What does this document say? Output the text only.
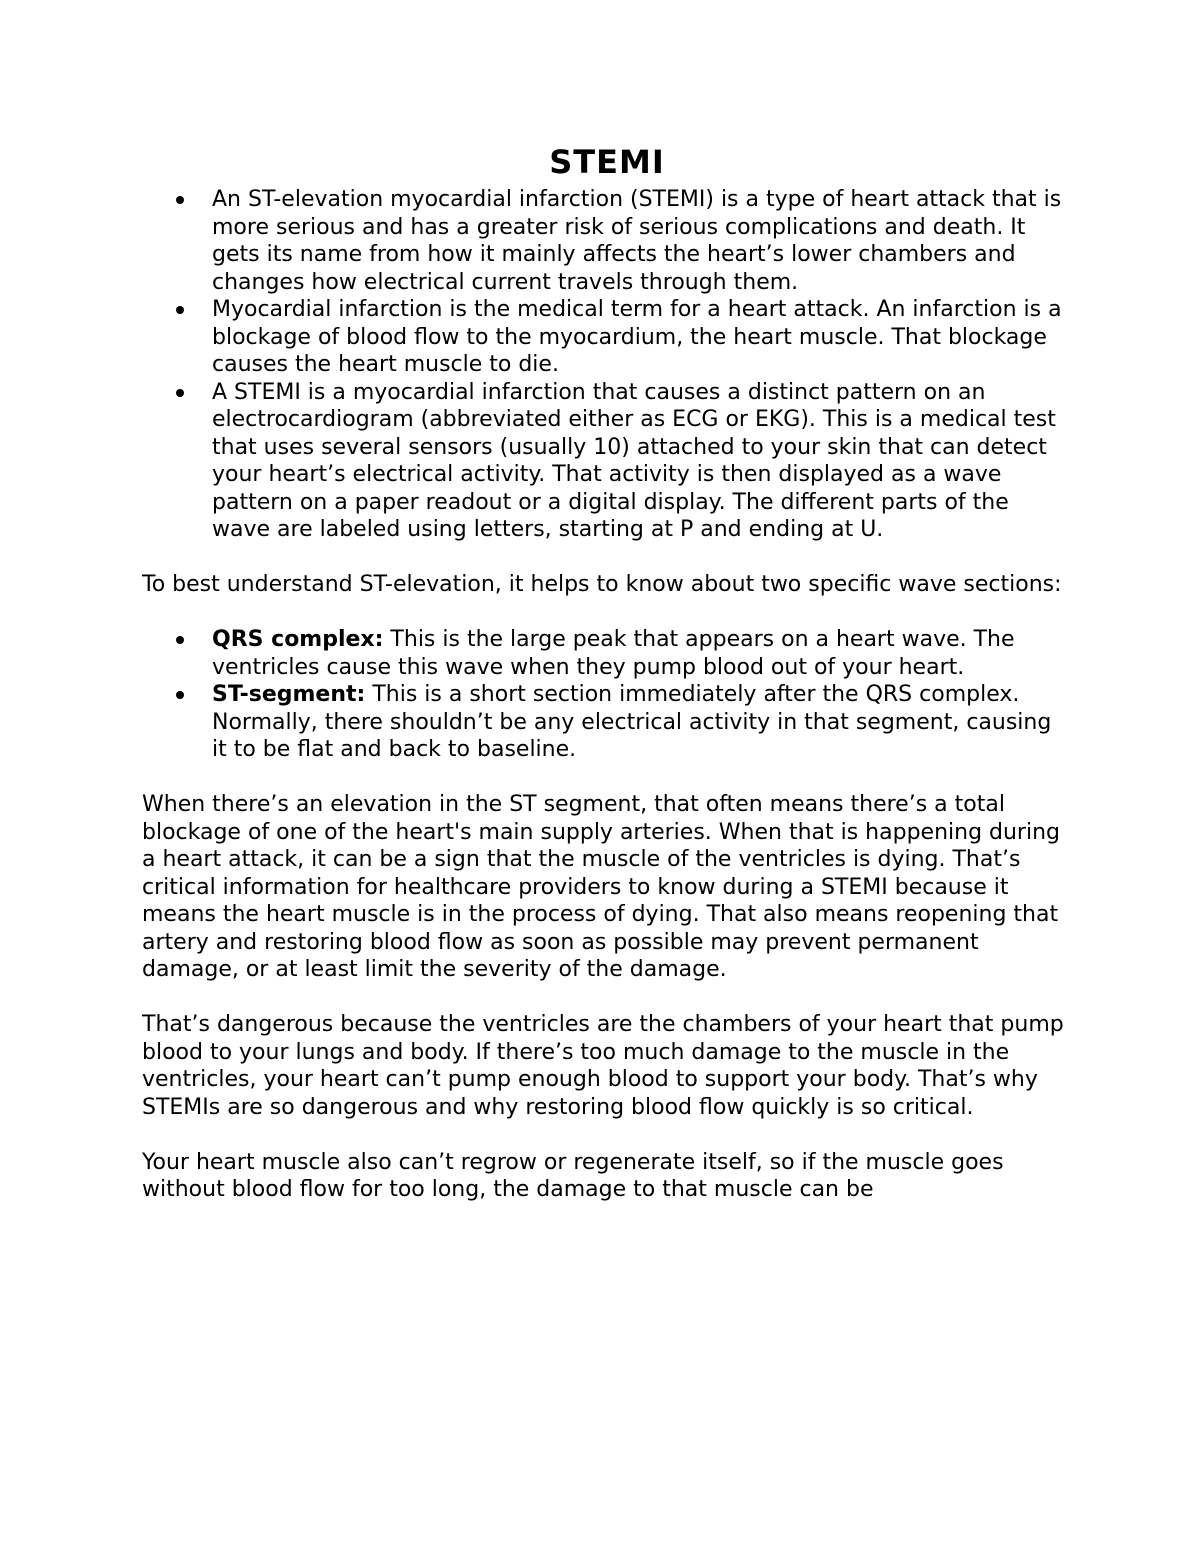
STEMI
An ST-elevation myocardial infarction (STEMI) is a type of heart attack that is more serious and has a greater risk of serious complications and death. It gets its name from how it mainly affects the heart’s lower chambers and changes how electrical current travels through them.
Myocardial infarction is the medical term for a heart attack. An infarction is a blockage of blood flow to the myocardium, the heart muscle. That blockage causes the heart muscle to die.
A STEMI is a myocardial infarction that causes a distinct pattern on an electrocardiogram (abbreviated either as ECG or EKG). This is a medical test that uses several sensors (usually 10) attached to your skin that can detect your heart’s electrical activity. That activity is then displayed as a wave pattern on a paper readout or a digital display. The different parts of the wave are labeled using letters, starting at P and ending at U.

To best understand ST-elevation, it helps to know about two specific wave sections:

QRS complex: This is the large peak that appears on a heart wave. The ventricles cause this wave when they pump blood out of your heart.
ST-segment: This is a short section immediately after the QRS complex. Normally, there shouldn’t be any electrical activity in that segment, causing it to be flat and back to baseline.

When there’s an elevation in the ST segment, that often means there’s a total blockage of one of the heart's main supply arteries. When that is happening during a heart attack, it can be a sign that the muscle of the ventricles is dying. That’s critical information for healthcare providers to know during a STEMI because it means the heart muscle is in the process of dying. That also means reopening that artery and restoring blood flow as soon as possible may prevent permanent damage, or at least limit the severity of the damage.

That’s dangerous because the ventricles are the chambers of your heart that pump blood to your lungs and body. If there’s too much damage to the muscle in the ventricles, your heart can’t pump enough blood to support your body. That’s why STEMIs are so dangerous and why restoring blood flow quickly is so critical.

Your heart muscle also can’t regrow or regenerate itself, so if the muscle goes without blood flow for too long, the damage to that muscle can be
